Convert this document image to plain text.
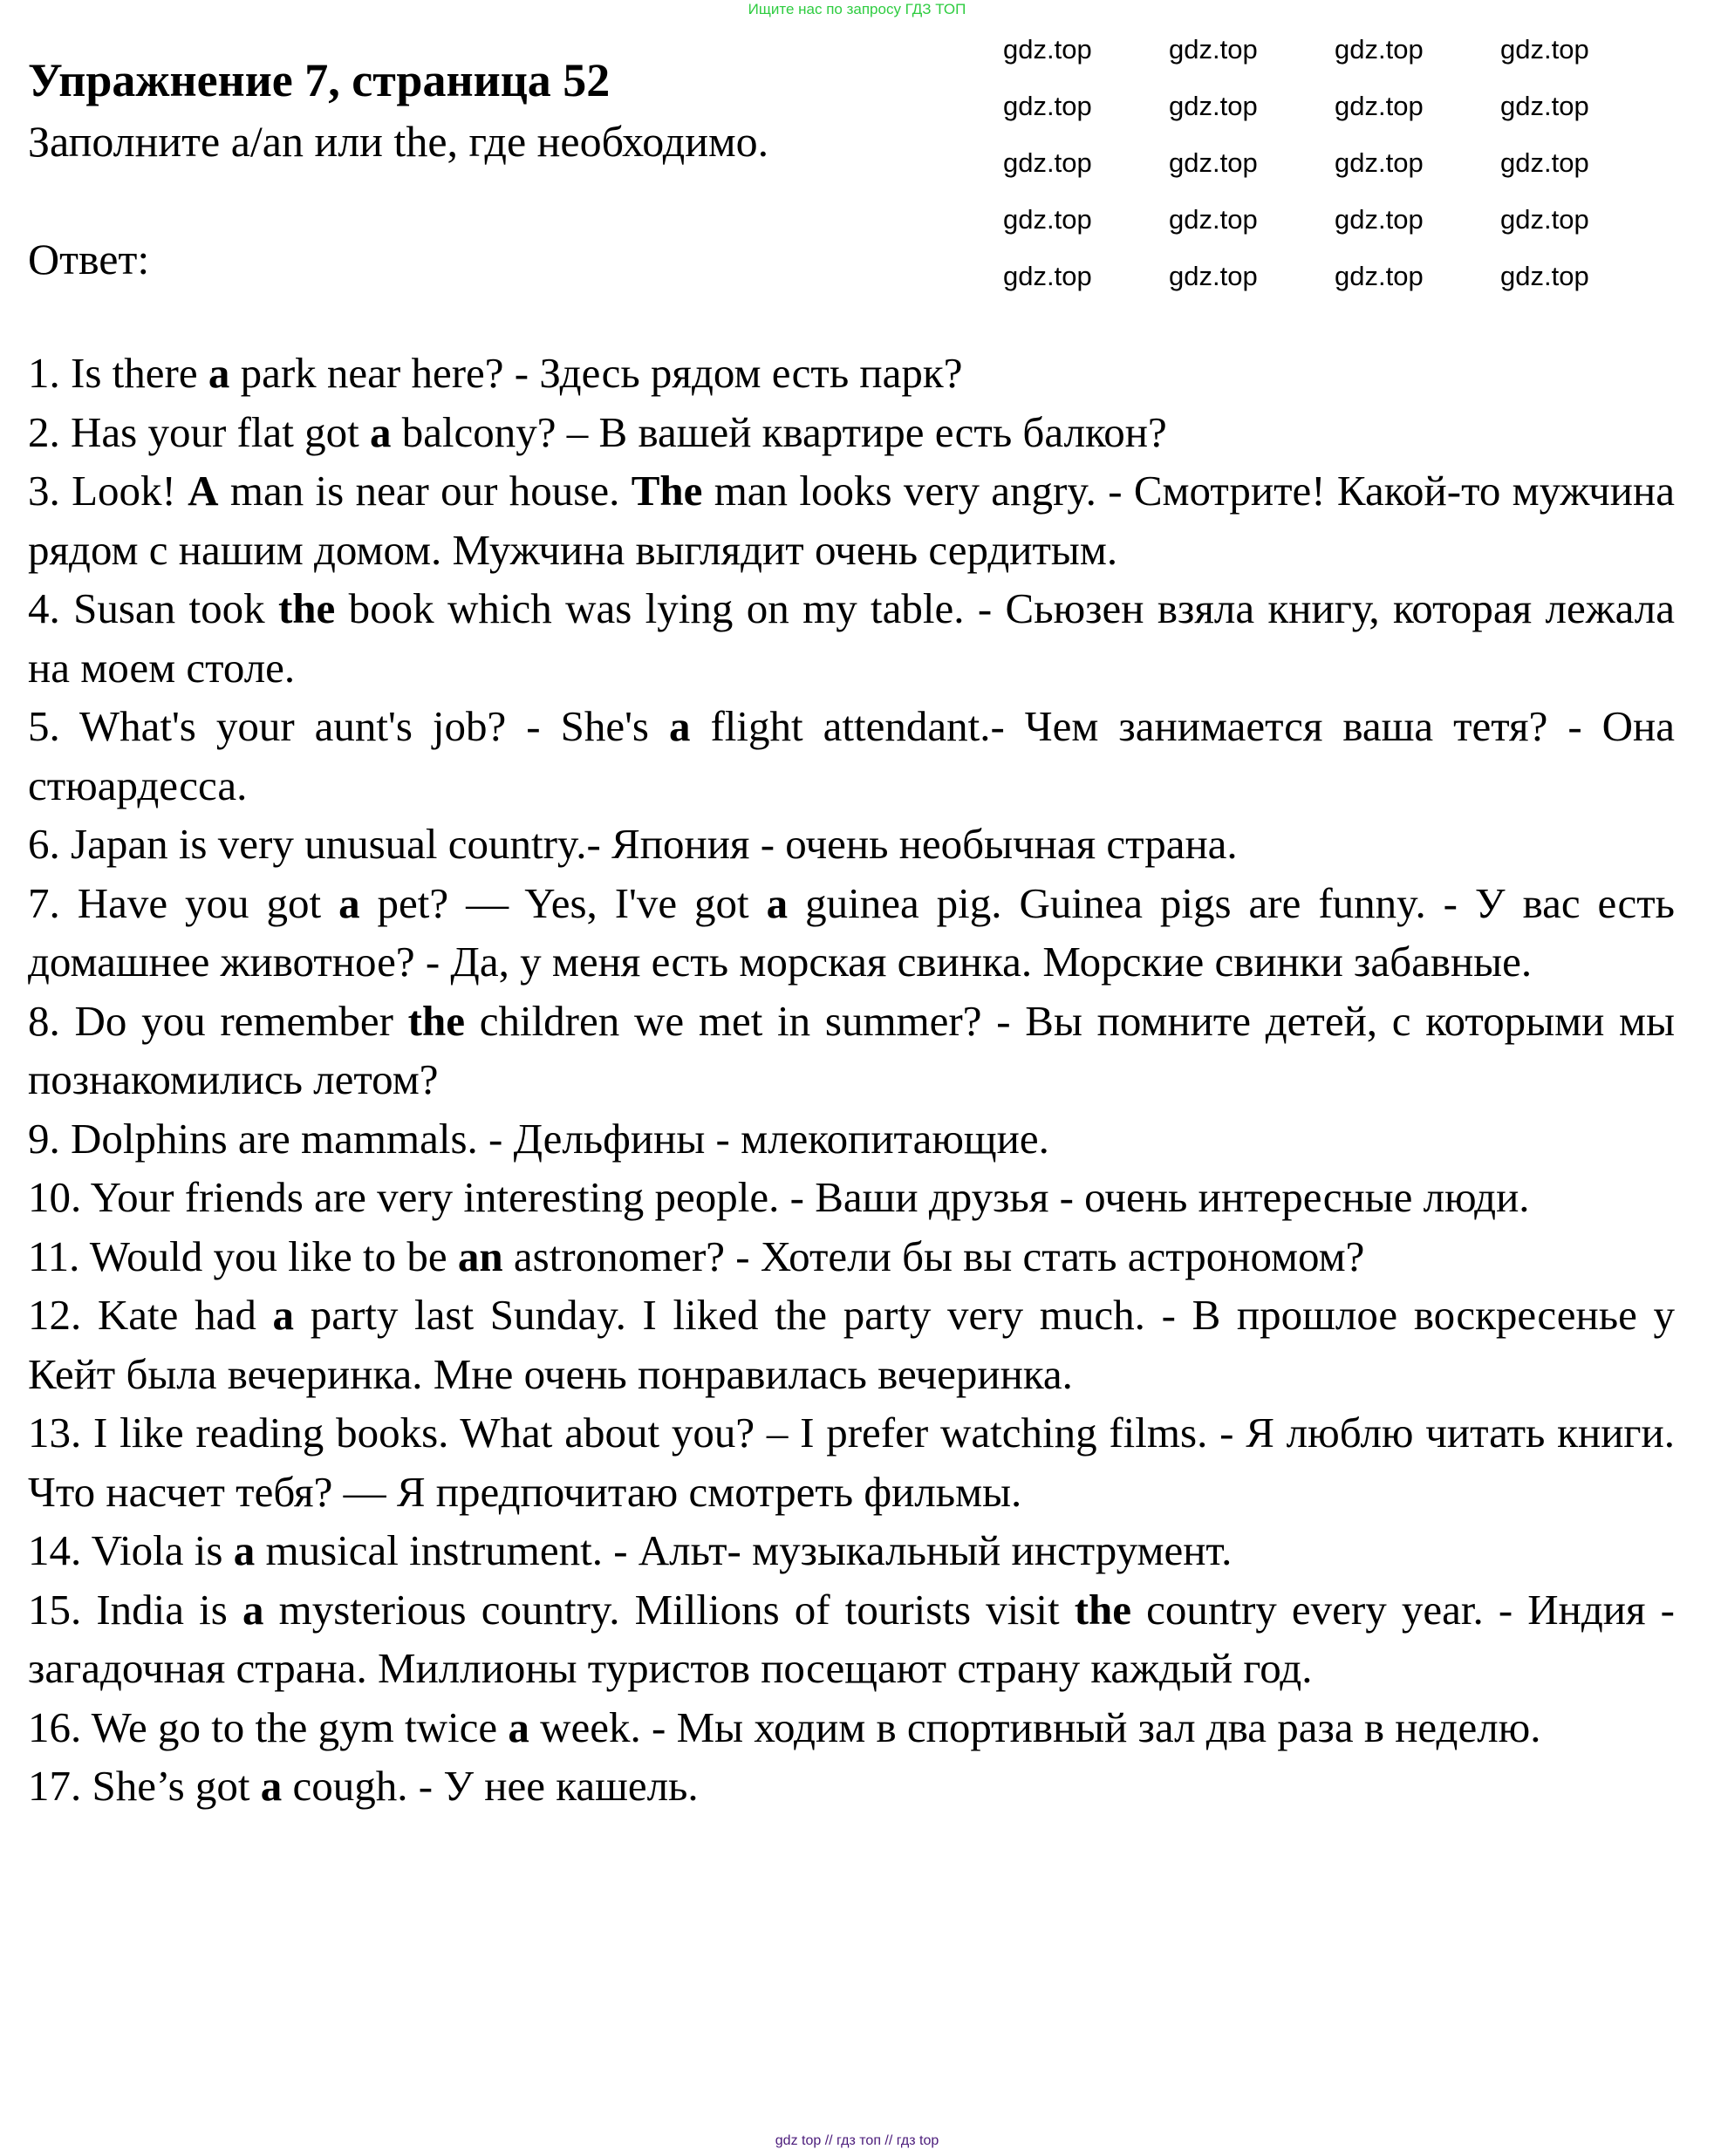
Ищите нас по запросу ГДЗ ТОП
Упражнение 7, страница 52
Заполните a/an или the, где необходимо.
Ответ:

1. Is there a park near here? - Здесь рядом есть парк?

2. Has your flat got a balcony? – В вашей квартире есть балкон?

3. Look! A man is near our house. The man looks very angry. - Смотрите! Какой-то мужчина рядом с нашим домом. Мужчина выглядит очень сердитым.

4. Susan took the book which was lying on my table. - Сьюзен взяла книгу, которая лежала на моем столе.

5. What's your aunt's job? - She's a flight attendant.- Чем занимается ваша тетя? - Она стюардесса.

6. Japan is very unusual country.- Япония - очень необычная страна.

7. Have you got a pet? — Yes, I've got a guinea pig. Guinea pigs are funny. - У вас есть домашнее животное? - Да, у меня есть морская свинка. Морские свинки забавные.

8. Do you remember the children we met in summer? - Вы помните детей, с которыми мы познакомились летом?

9. Dolphins are mammals. - Дельфины - млекопитающие.

10. Your friends are very interesting people. - Ваши друзья - очень интересные люди.

11. Would you like to be an astronomer? - Хотели бы вы стать астрономом?

12. Kate had a party last Sunday. I liked the party very much. - В прошлое воскресенье у Кейт была вечеринка. Мне очень понравилась вечеринка.

13. I like reading books. What about you? – I prefer watching films. - Я люблю читать книги. Что насчет тебя? — Я предпочитаю смотреть фильмы.

14. Viola is a musical instrument. - Альт- музыкальный инструмент.

15. India is a mysterious country. Millions of tourists visit the country every year. - Индия - загадочная страна. Миллионы туристов посещают страну каждый год.

16. We go to the gym twice a week. - Мы ходим в спортивный зал два раза в неделю.

17. She’s got a cough. - У нее кашель.

gdz.top	gdz.top	gdz.top	gdz.top
gdz.top	gdz.top	gdz.top	gdz.top
gdz.top	gdz.top	gdz.top	gdz.top
gdz.top	gdz.top	gdz.top	gdz.top
gdz.top	gdz.top	gdz.top	gdz.top
gdz top // гдз топ // гдз top
